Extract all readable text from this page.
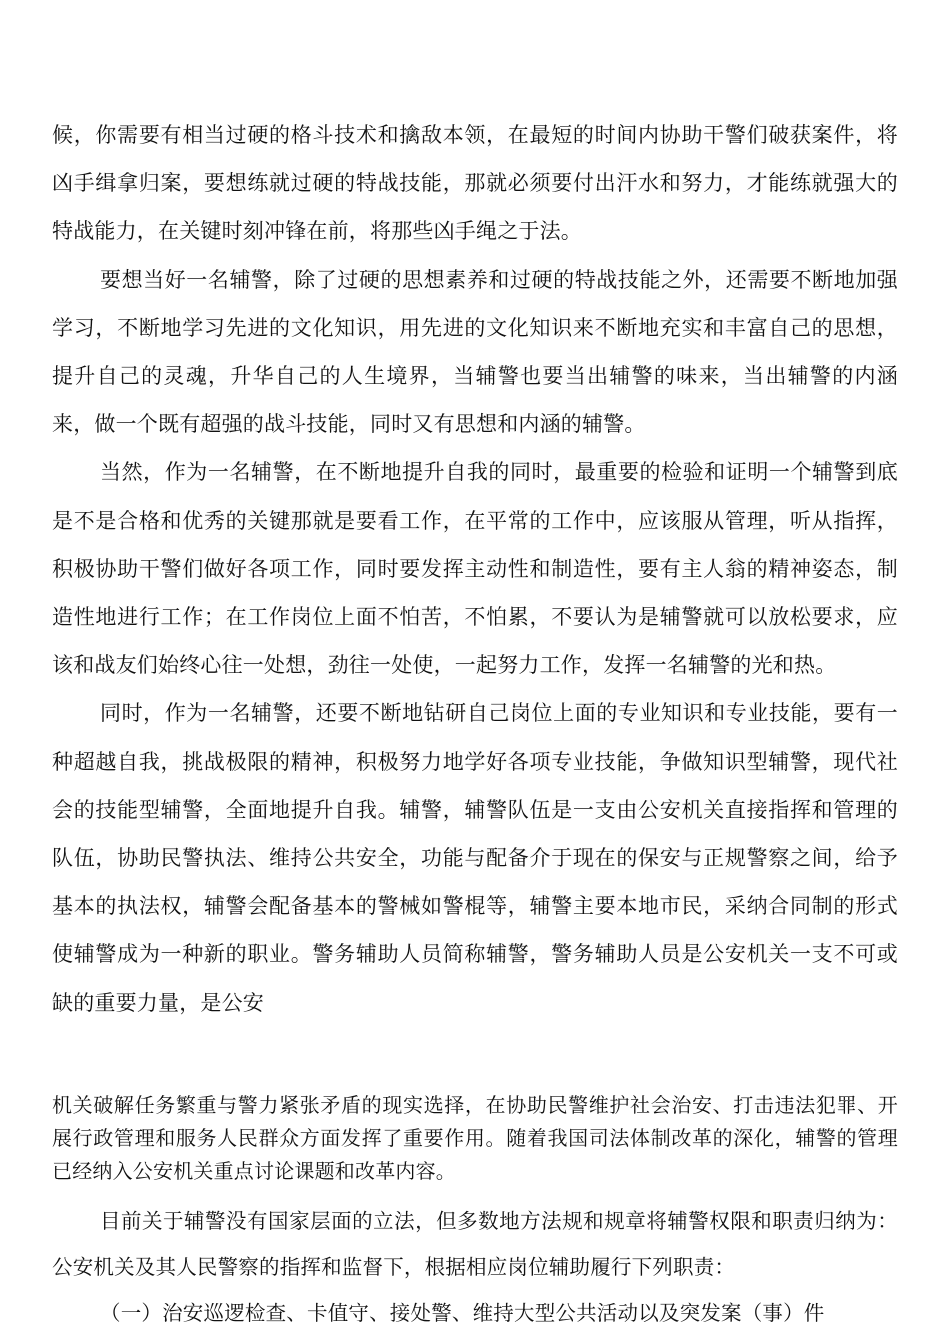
候，你需要有相当过硬的格斗技术和擒敌本领，在最短的时间内协助干警们破获案件，将凶手缉拿归案，要想练就过硬的特战技能，那就必须要付出汗水和努力，才能练就强大的特战能力，在关键时刻冲锋在前，将那些凶手绳之于法。

要想当好一名辅警，除了过硬的思想素养和过硬的特战技能之外，还需要不断地加强学习，不断地学习先进的文化知识，用先进的文化知识来不断地充实和丰富自己的思想，提升自己的灵魂，升华自己的人生境界，当辅警也要当出辅警的味来，当出辅警的内涵来，做一个既有超强的战斗技能，同时又有思想和内涵的辅警。

当然，作为一名辅警，在不断地提升自我的同时，最重要的检验和证明一个辅警到底是不是合格和优秀的关键那就是要看工作，在平常的工作中，应该服从管理，听从指挥，积极协助干警们做好各项工作，同时要发挥主动性和制造性，要有主人翁的精神姿态，制造性地进行工作；在工作岗位上面不怕苦，不怕累，不要认为是辅警就可以放松要求，应该和战友们始终心往一处想，劲往一处使，一起努力工作，发挥一名辅警的光和热。

同时，作为一名辅警，还要不断地钻研自己岗位上面的专业知识和专业技能，要有一种超越自我，挑战极限的精神，积极努力地学好各项专业技能，争做知识型辅警，现代社会的技能型辅警，全面地提升自我。辅警，辅警队伍是一支由公安机关直接指挥和管理的队伍，协助民警执法、维持公共安全，功能与配备介于现在的保安与正规警察之间，给予基本的执法权，辅警会配备基本的警械如警棍等，辅警主要本地市民，采纳合同制的形式使辅警成为一种新的职业。警务辅助人员简称辅警，警务辅助人员是公安机关一支不可或缺的重要力量，是公安

机关破解任务繁重与警力紧张矛盾的现实选择，在协助民警维护社会治安、打击违法犯罪、开展行政管理和服务人民群众方面发挥了重要作用。随着我国司法体制改革的深化，辅警的管理已经纳入公安机关重点讨论课题和改革内容。

目前关于辅警没有国家层面的立法，但多数地方法规和规章将辅警权限和职责归纳为：公安机关及其人民警察的指挥和监督下，根据相应岗位辅助履行下列职责：

（一）治安巡逻检查、卡值守、接处警、维持大型公共活动以及突发案（事）件
